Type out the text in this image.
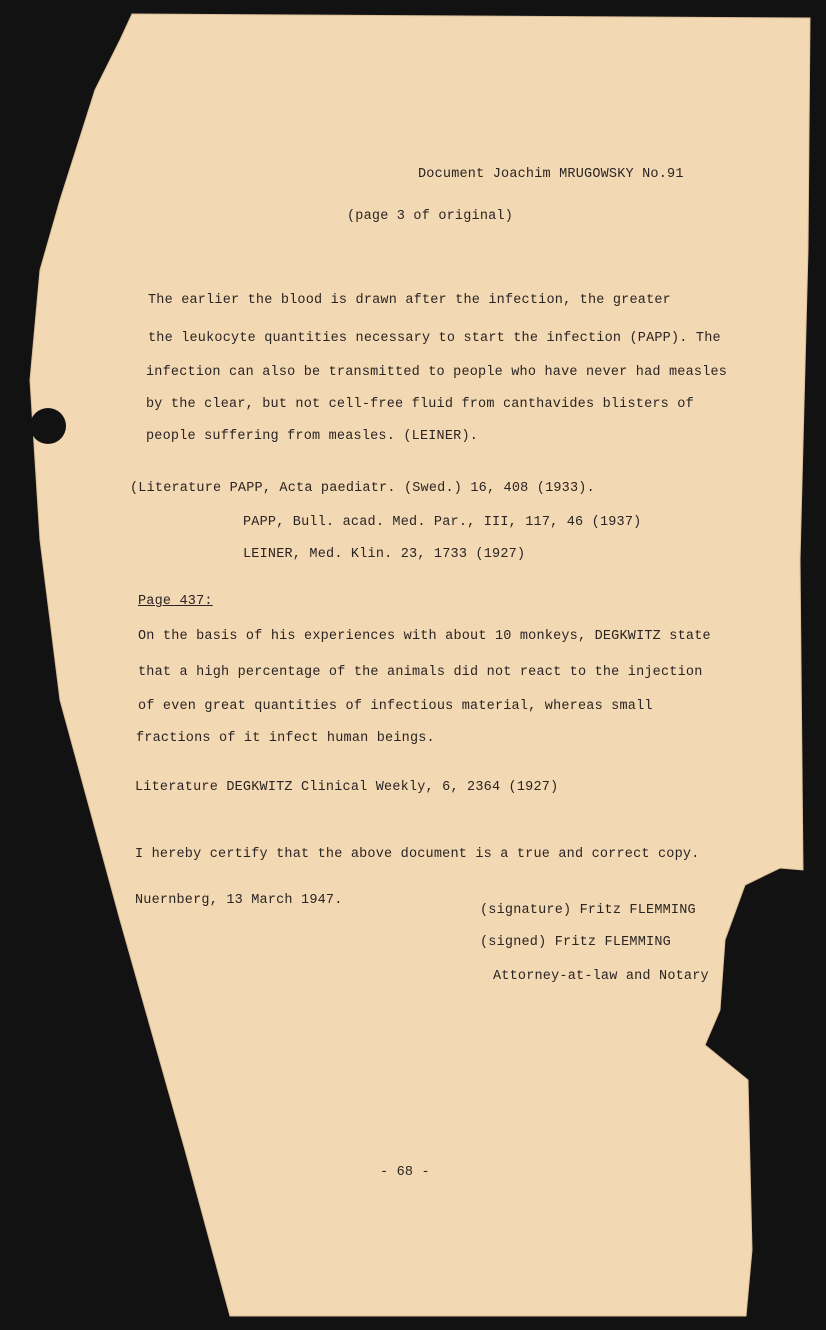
Document Joachim MRUGOWSKY No.91
(page 3 of original)
The earlier the blood is drawn after the infection, the greater
the leukocyte quantities necessary to start the infection (PAPP). The
infection can also be transmitted to people who have never had measles
by the clear, but not cell-free fluid from canthavides blisters of
people suffering from measles. (LEINER).
(Literature PAPP, Acta paediatr. (Swed.) 16, 408 (1933).
PAPP, Bull. acad. Med. Par., III, 117, 46 (1937)
LEINER, Med. Klin. 23, 1733 (1927)
Page 437:
On the basis of his experiences with about 10 monkeys, DEGKWITZ state
that a high percentage of the animals did not react to the injection
of even great quantities of infectious material, whereas small
fractions of it infect human beings.
Literature DEGKWITZ Clinical Weekly, 6, 2364 (1927)
I hereby certify that the above document is a true and correct copy.
Nuernberg, 13 March 1947.
(signature) Fritz FLEMMING
(signed) Fritz FLEMMING
Attorney-at-law and Notary
- 68 -
